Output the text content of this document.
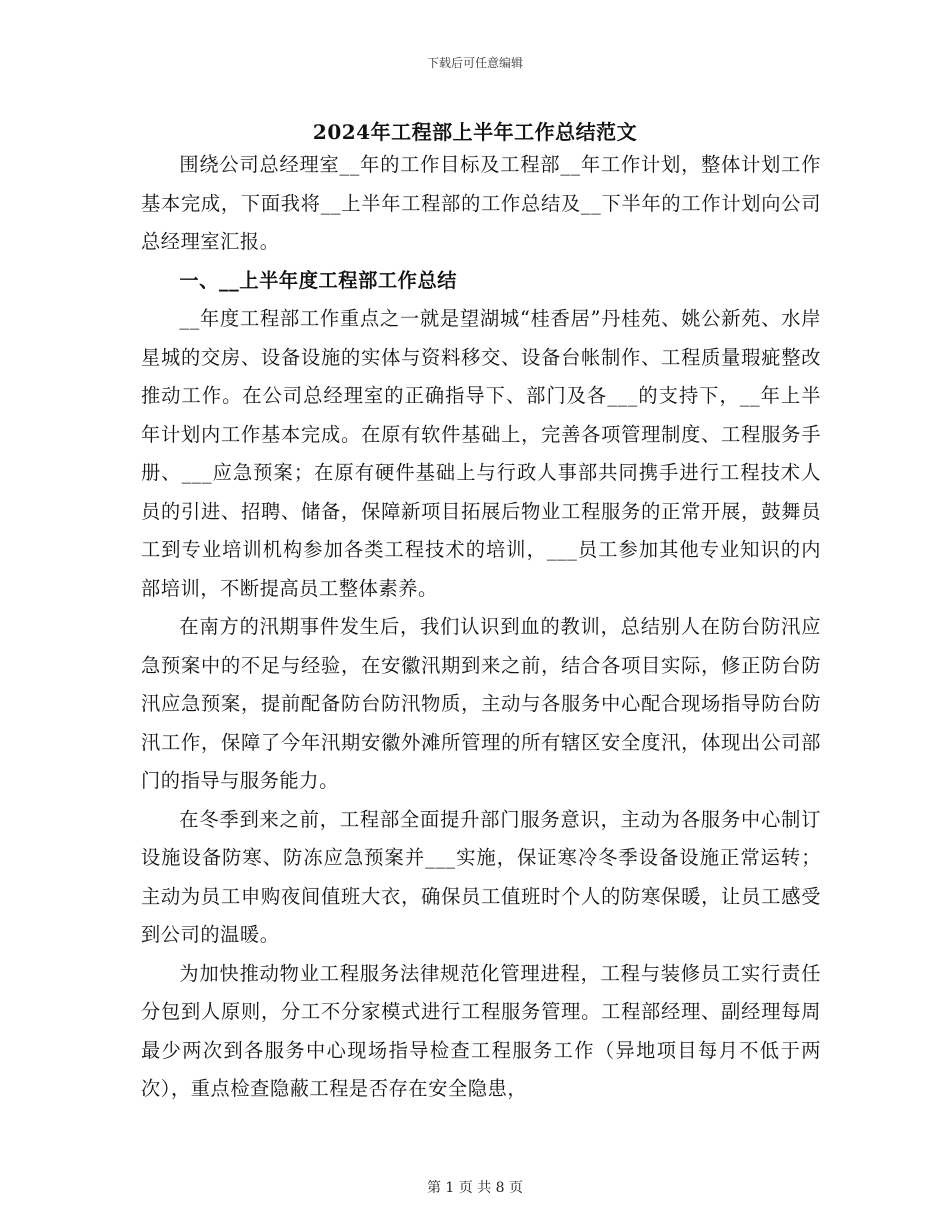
下载后可任意编辑
2024年工程部上半年工作总结范文

围绕公司总经理室__年的工作目标及工程部__年工作计划，整体计划工作基本完成，下面我将__上半年工程部的工作总结及__下半年的工作计划向公司总经理室汇报。

一、__上半年度工程部工作总结

__年度工程部工作重点之一就是望湖城“桂香居”丹桂苑、姚公新苑、水岸星城的交房、设备设施的实体与资料移交、设备台帐制作、工程质量瑕疵整改推动工作。在公司总经理室的正确指导下、部门及各___的支持下，__年上半年计划内工作基本完成。在原有软件基础上，完善各项管理制度、工程服务手册、___应急预案；在原有硬件基础上与行政人事部共同携手进行工程技术人员的引进、招聘、储备，保障新项目拓展后物业工程服务的正常开展，鼓舞员工到专业培训机构参加各类工程技术的培训，___员工参加其他专业知识的内部培训，不断提高员工整体素养。

在南方的汛期事件发生后，我们认识到血的教训，总结别人在防台防汛应急预案中的不足与经验，在安徽汛期到来之前，结合各项目实际，修正防台防汛应急预案，提前配备防台防汛物质，主动与各服务中心配合现场指导防台防汛工作，保障了今年汛期安徽外滩所管理的所有辖区安全度汛，体现出公司部门的指导与服务能力。

在冬季到来之前，工程部全面提升部门服务意识，主动为各服务中心制订设施设备防寒、防冻应急预案并___实施，保证寒冷冬季设备设施正常运转；主动为员工申购夜间值班大衣，确保员工值班时个人的防寒保暖，让员工感受到公司的温暖。

为加快推动物业工程服务法律规范化管理进程，工程与装修员工实行责任分包到人原则，分工不分家模式进行工程服务管理。工程部经理、副经理每周最少两次到各服务中心现场指导检查工程服务工作（异地项目每月不低于两次），重点检查隐蔽工程是否存在安全隐患，

第 1 页 共 8 页
